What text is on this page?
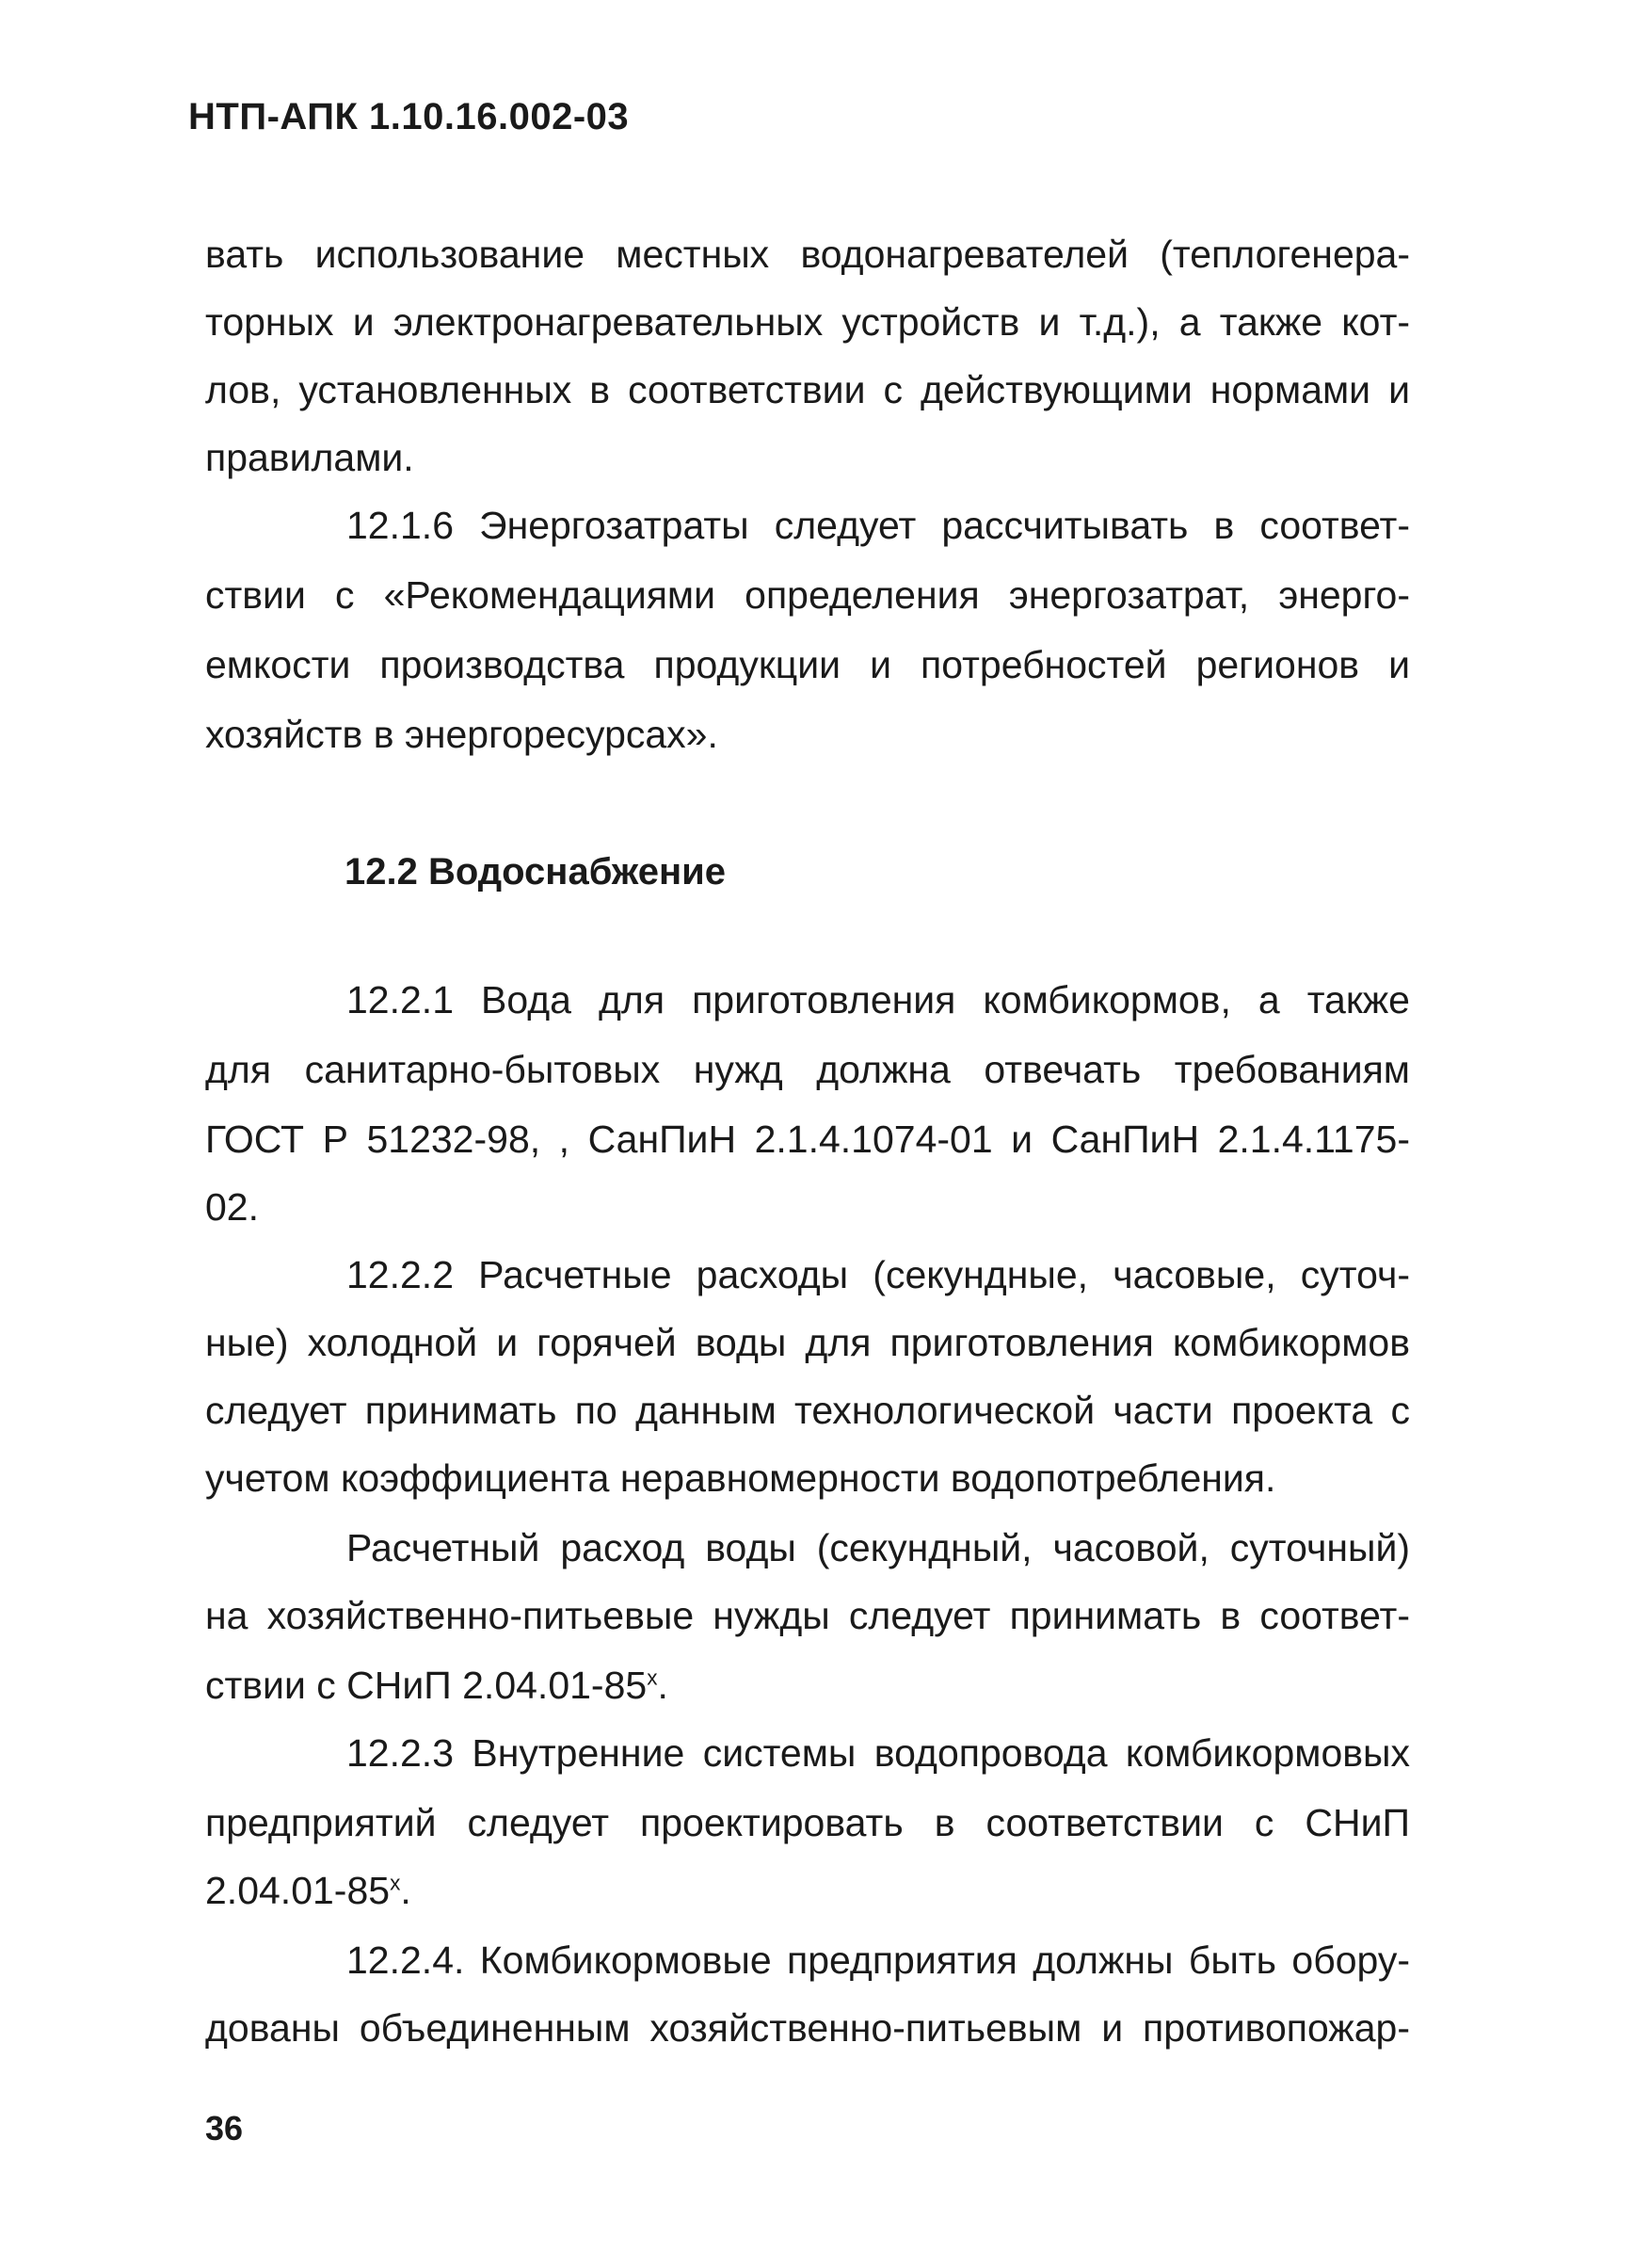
НТП-АПК 1.10.16.002-03
вать использование местных водонагревателей (теплогенера-
торных и электронагревательных устройств и т.д.), а также кот-
лов, установленных в соответствии с действующими нормами и
правилами.
12.1.6 Энергозатраты следует рассчитывать в соответ-
ствии с «Рекомендациями определения энергозатрат, энерго-
емкости производства продукции и потребностей регионов и
хозяйств в энергоресурсах».
12.2 Водоснабжение
12.2.1 Вода для приготовления комбикормов, а также
для санитарно-бытовых нужд должна отвечать требованиям
ГОСТ Р 51232-98, , СанПиН 2.1.4.1074-01 и СанПиН 2.1.4.1175-
02.
12.2.2 Расчетные расходы (секундные, часовые, суточ-
ные) холодной и горячей воды для приготовления комбикормов
следует принимать по данным технологической части проекта с
учетом коэффициента неравномерности водопотребления.
Расчетный расход воды (секундный, часовой, суточный)
на хозяйственно-питьевые нужды следует принимать в соответ-
ствии с СНиП 2.04.01-85$^x$.
12.2.3 Внутренние системы водопровода комбикормовых
предприятий следует проектировать в соответствии с СНиП
2.04.01-85$^x$.
12.2.4. Комбикормовые предприятия должны быть обору-
дованы объединенным хозяйственно-питьевым и противопожар-
36
